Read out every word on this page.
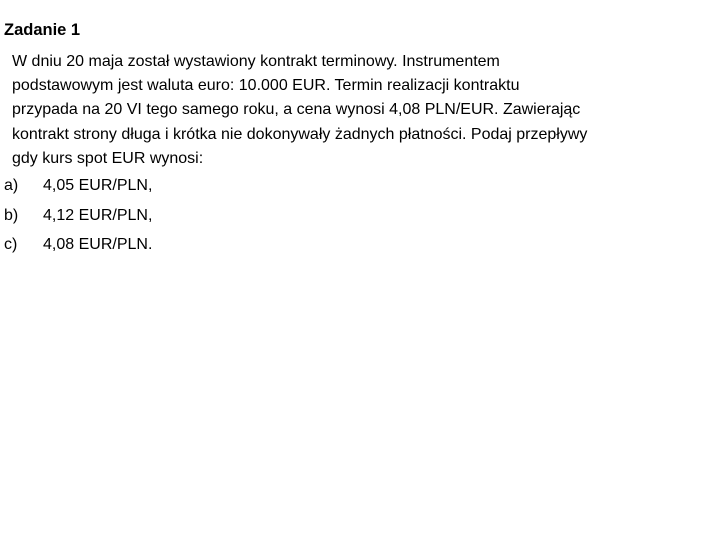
Zadanie 1
W dniu 20 maja został wystawiony kontrakt terminowy. Instrumentem
podstawowym jest waluta euro: 10.000 EUR. Termin realizacji kontraktu
przypada na 20 VI tego samego roku, a cena wynosi 4,08 PLN/EUR. Zawierając
kontrakt strony długa i krótka nie dokonywały żadnych płatności. Podaj przepływy
gdy kurs spot EUR wynosi:
a) 4,05 EUR/PLN,
b) 4,12 EUR/PLN,
c) 4,08 EUR/PLN.
